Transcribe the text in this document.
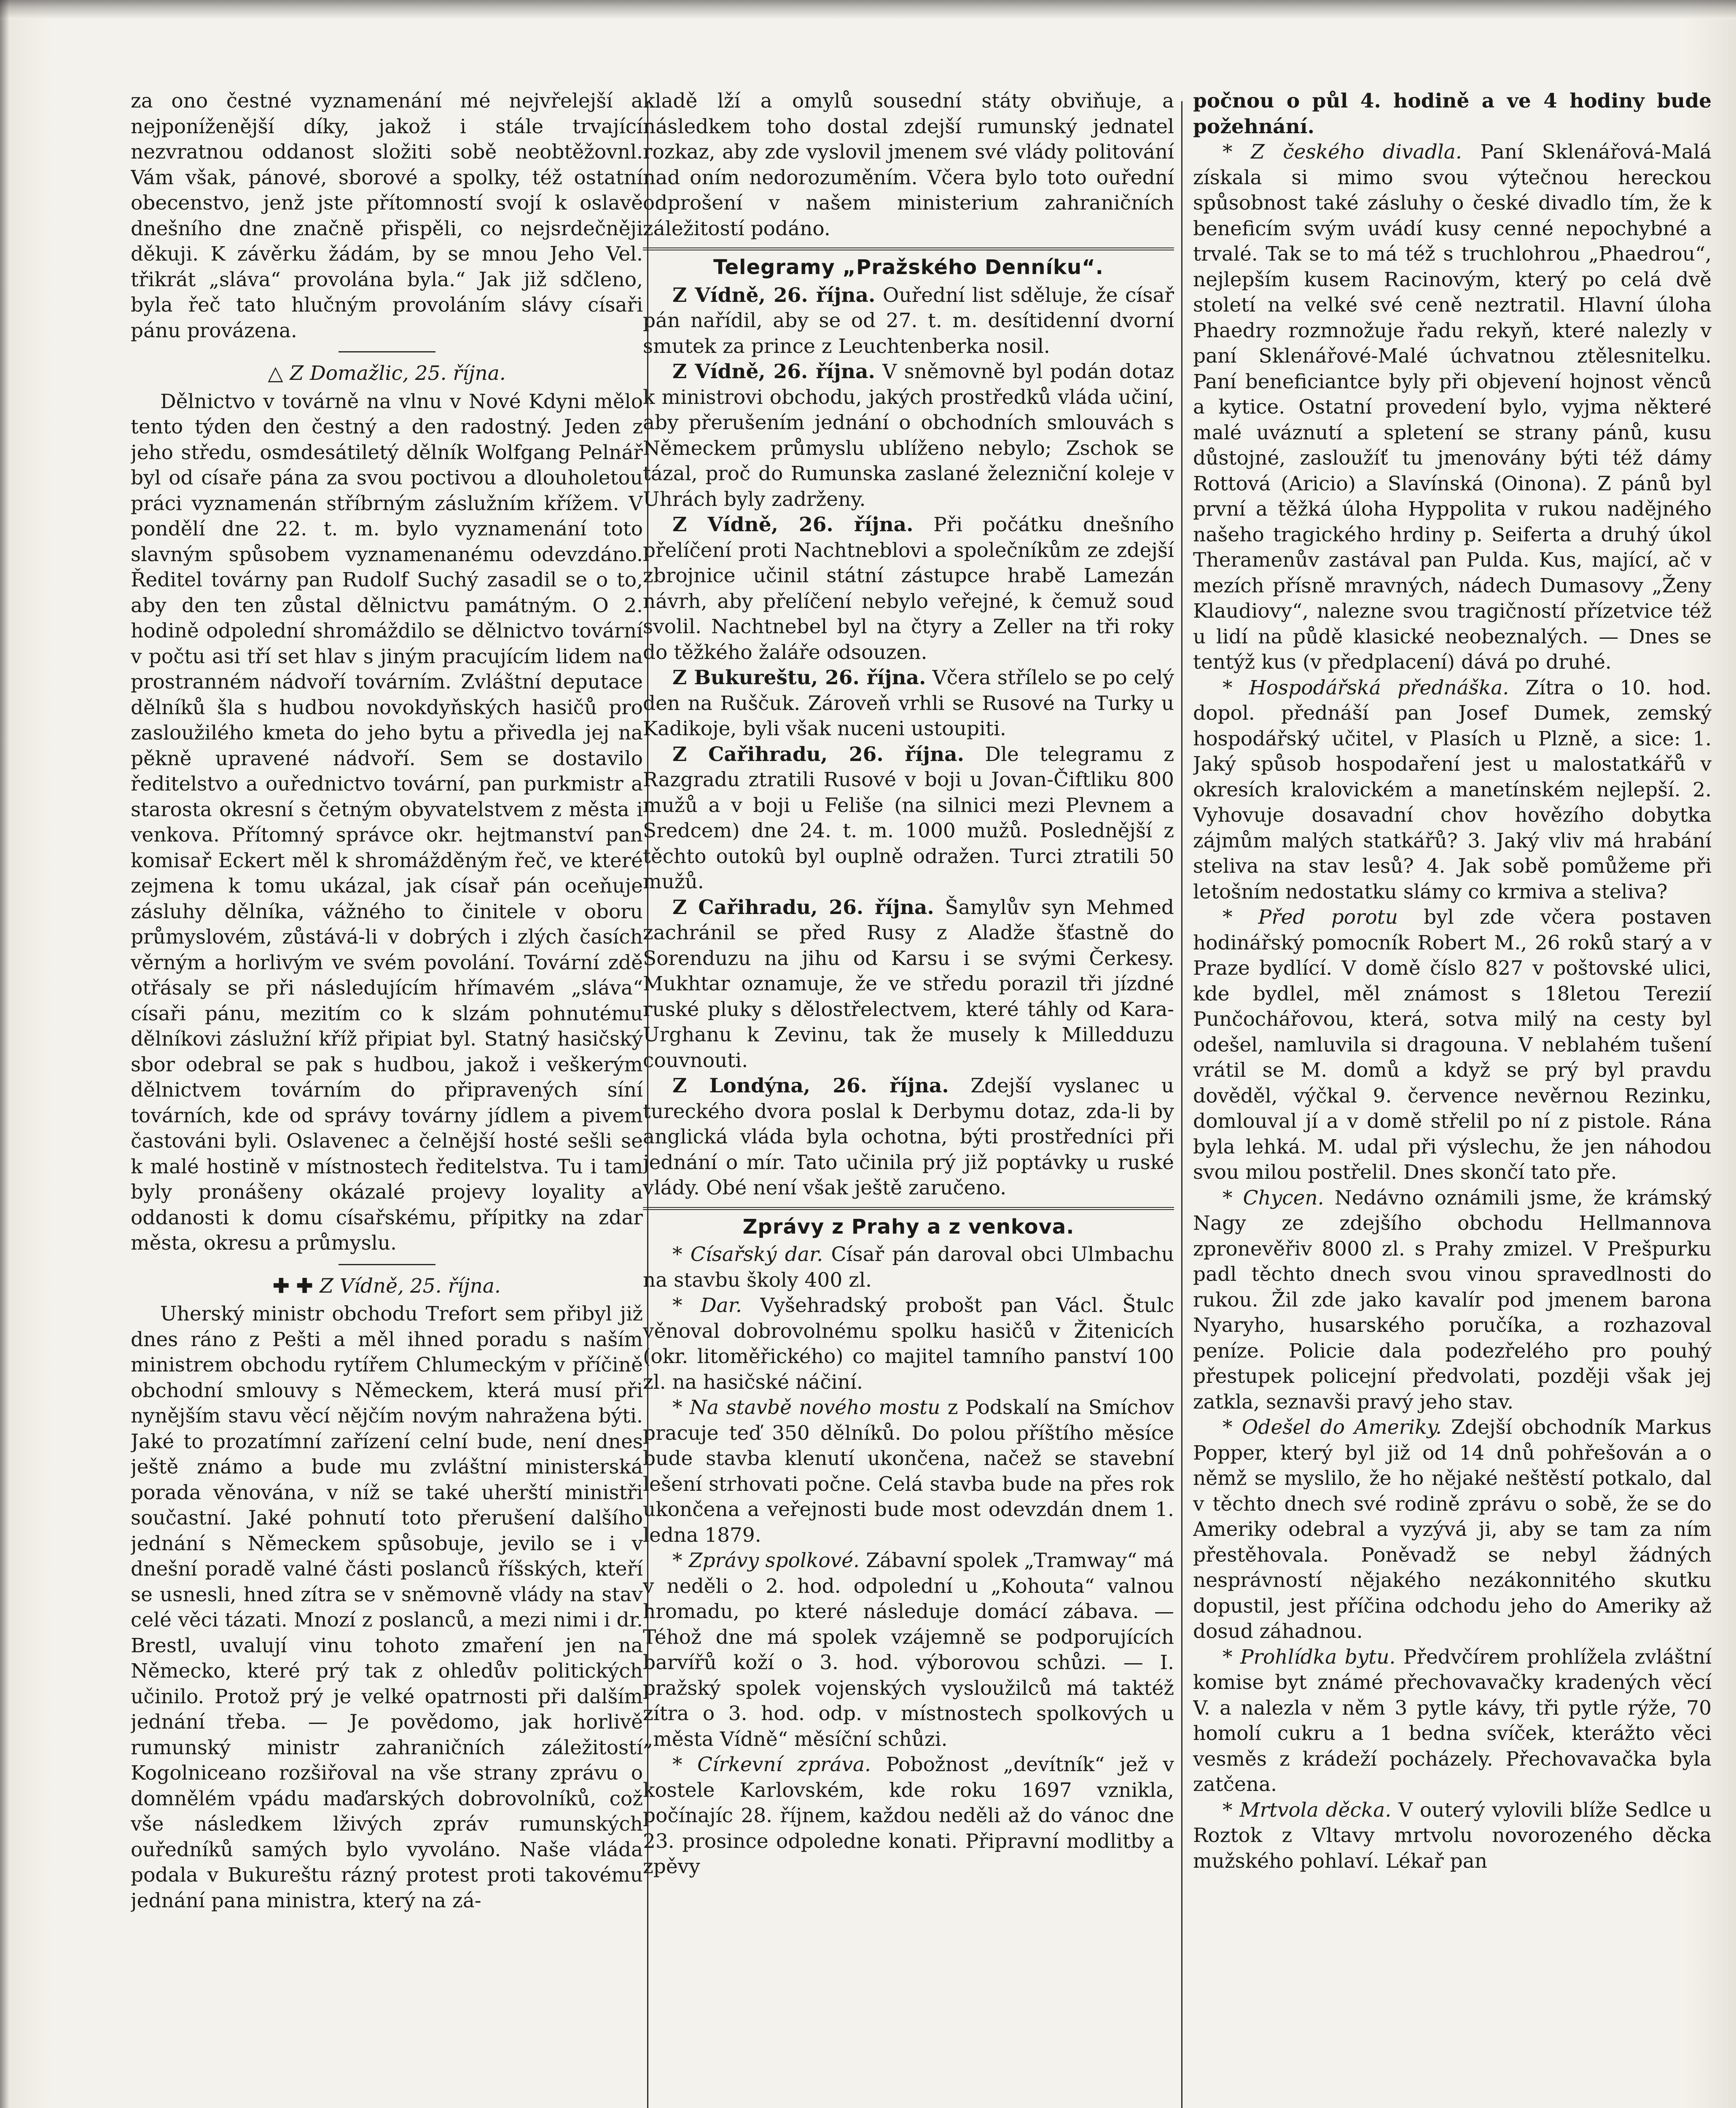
za ono čestné vyznamenání mé nejvřelejší a nejponíženější díky, jakož i stále trvající nezvratnou oddanost složiti sobě neobtěžovnl. Vám však, pánové, sborové a spolky, též ostatní obecenstvo, jenž jste přítomností svojí k oslavě dnešního dne značně přispěli, co nejsrdečněji děkuji. K závěrku žádám, by se mnou Jeho Vel. třikrát „sláva“ provolána byla.“ Jak již sdčleno, byla řeč tato hlučným provoláním slávy císaři pánu provázena.

△ Z Domažlic, 25. října.

Dělnictvo v továrně na vlnu v Nové Kdyni mělo tento týden den čestný a den radostný. Jeden z jeho středu, osmdesátiletý dělník Wolfgang Pelnář byl od císaře pána za svou poctivou a dlouholetou práci vyznamenán stříbrným záslužním křížem. V pondělí dne 22. t. m. bylo vyznamenání toto slavným spůsobem vyznamenanému odevzdáno. Ředitel továrny pan Rudolf Suchý zasadil se o to, aby den ten zůstal dělnictvu památným. O 2. hodině odpolední shromáždilo se dělnictvo tovární v počtu asi tří set hlav s jiným pracujícím lidem na prostranném nádvoří továrním. Zvláštní deputace dělníků šla s hudbou novokdyňských hasičů pro zasloužilého kmeta do jeho bytu a přivedla jej na pěkně upravené nádvoří. Sem se dostavilo ředitelstvo a ouřednictvo tovární, pan purkmistr a starosta okresní s četným obyvatelstvem z města i venkova. Přítomný správce okr. hejtmanství pan komisař Eckert měl k shromážděným řeč, ve které zejmena k tomu ukázal, jak císař pán oceňuje zásluhy dělníka, vážného to činitele v oboru průmyslovém, zůstává-li v dobrých i zlých časích věrným a horlivým ve svém povolání. Tovární zdě otřásaly se při následujícím hřímavém „sláva“ císaři pánu, mezitím co k slzám pohnutému dělníkovi záslužní kříž připiat byl. Statný hasičský sbor odebral se pak s hudbou, jakož i veškerým dělnictvem továrním do připravených síní továrních, kde od správy továrny jídlem a pivem častováni byli. Oslavenec a čelnější hosté sešli se k malé hostině v místnostech ředitelstva. Tu i tam byly pronášeny okázalé projevy loyality a oddanosti k domu císařskému, přípitky na zdar města, okresu a průmyslu.

✚ ✚ Z Vídně, 25. října.

Uherský ministr obchodu Trefort sem přibyl již dnes ráno z Pešti a měl ihned poradu s naším ministrem obchodu rytířem Chlumeckým v příčině obchodní smlouvy s Německem, která musí při nynějším stavu věcí nějčím novým nahražena býti. Jaké to prozatímní zařízení celní bude, není dnes ještě známo a bude mu zvláštní ministerská porada věnována, v níž se také uherští ministři součastní. Jaké pohnutí toto přerušení dalšího jednání s Německem spůsobuje, jevilo se i v dnešní poradě valné části poslanců říšských, kteří se usnesli, hned zítra se v sněmovně vlády na stav celé věci tázati. Mnozí z poslanců, a mezi nimi i dr. Brestl, uvalují vinu tohoto zmaření jen na Německo, které prý tak z ohledův politických učinilo. Protož prý je velké opatrnosti při dalším jednání třeba. — Je povědomo, jak horlivě rumunský ministr zahraničních záležitostí Kogolniceano rozšiřoval na vše strany zprávu o domnělém vpádu maďarských dobrovolníků, což vše následkem lživých zpráv rumunských ouředníků samých bylo vyvoláno. Naše vláda podala v Bukureštu rázný protest proti takovému jednání pana ministra, který na zá-

kladě lží a omylů sousední státy obviňuje, a následkem toho dostal zdejší rumunský jednatel rozkaz, aby zde vyslovil jmenem své vlády politování nad oním nedorozuměním. Včera bylo toto ouřední odprošení v našem ministerium zahraničních záležitostí podáno.

Telegramy „Pražského Denníku“.

Z Vídně, 26. října. Ouřední list sděluje, že císař pán nařídil, aby se od 27. t. m. desítidenní dvorní smutek za prince z Leuchtenberka nosil.

Z Vídně, 26. října. V sněmovně byl podán dotaz k ministrovi obchodu, jakých prostředků vláda učiní, aby přerušením jednání o obchodních smlouvách s Německem průmyslu ublíženo nebylo; Zschok se tázal, proč do Rumunska zaslané železniční koleje v Uhrách byly zadrženy.

Z Vídně, 26. října. Při počátku dnešního přelíčení proti Nachtneblovi a společníkům ze zdejší zbrojnice učinil státní zástupce hrabě Lamezán návrh, aby přelíčení nebylo veřejné, k čemuž soud svolil. Nachtnebel byl na čtyry a Zeller na tři roky do těžkého žaláře odsouzen.

Z Bukureštu, 26. října. Včera střílelo se po celý den na Ruščuk. Zároveň vrhli se Rusové na Turky u Kadikoje, byli však nuceni ustoupiti.

Z Cařihradu, 26. října. Dle telegramu z Razgradu ztratili Rusové v boji u Jovan-Čiftliku 800 mužů a v boji u Feliše (na silnici mezi Plevnem a Sredcem) dne 24. t. m. 1000 mužů. Poslednější z těchto outokû byl ouplně odražen. Turci ztratili 50 mužů.

Z Cařihradu, 26. října. Šamylův syn Mehmed zachránil se před Rusy z Aladže šťastně do Sorenduzu na jihu od Karsu i se svými Čerkesy. Mukhtar oznamuje, že ve středu porazil tři jízdné ruské pluky s dělostřelectvem, které táhly od Kara-Urghanu k Zevinu, tak že musely k Milledduzu couvnouti.

Z Londýna, 26. října. Zdejší vyslanec u tureckého dvora poslal k Derbymu dotaz, zda-li by anglická vláda byla ochotna, býti prostředníci při jednání o mír. Tato učinila prý již poptávky u ruské vlády. Obé není však ještě zaručeno.

Zprávy z Prahy a z venkova.

* Císařský dar. Císař pán daroval obci Ulmbachu na stavbu školy 400 zl.

* Dar. Vyšehradský probošt pan Václ. Štulc věnoval dobrovolnému spolku hasičů v Žitenicích (okr. litoměřického) co majitel tamního panství 100 zl. na hasičské náčiní.

* Na stavbě nového mostu z Podskalí na Smíchov pracuje teď 350 dělníků. Do polou příštího měsíce bude stavba klenutí ukončena, načež se stavební lešení strhovati počne. Celá stavba bude na přes rok ukončena a veřejnosti bude most odevzdán dnem 1. ledna 1879.

* Zprávy spolkové. Zábavní spolek „Tramway“ má v neděli o 2. hod. odpolední u „Kohouta“ valnou hromadu, po které následuje domácí zábava. — Téhož dne má spolek vzájemně se podporujících barvířů koží o 3. hod. výborovou schůzi. — I. pražský spolek vojenských vysloužilců má taktéž zítra o 3. hod. odp. v místnostech spolkových u „města Vídně“ měsíční schůzi.

* Církevní zpráva. Pobožnost „devítník“ jež v kostele Karlovském, kde roku 1697 vznikla, počínajíc 28. říjnem, každou neděli až do vánoc dne 23. prosince odpoledne konati. Připravní modlitby a zpěvy

počnou o půl 4. hodině a ve 4 hodiny bude požehnání.

* Z českého divadla. Paní Sklenářová-Malá získala si mimo svou výtečnou hereckou spůsobnost také zásluhy o české divadlo tím, že k beneficím svým uvádí kusy cenné nepochybné a trvalé. Tak se to má též s truchlohrou „Phaedrou“, nejlepším kusem Racinovým, který po celá dvě století na velké své ceně neztratil. Hlavní úloha Phaedry rozmnožuje řadu rekyň, které nalezly v paní Sklenářové-Malé úchvatnou ztělesnitelku. Paní beneficiantce byly při objevení hojnost věnců a kytice. Ostatní provedení bylo, vyjma některé malé uváznutí a spletení se strany pánů, kusu důstojné, zasloužíť tu jmenovány býti též dámy Rottová (Aricio) a Slavínská (Oinona). Z pánů byl první a těžká úloha Hyppolita v rukou nadějného našeho tragického hrdiny p. Seiferta a druhý úkol Theramenův zastával pan Pulda. Kus, mající, ač v mezích přísně mravných, nádech Dumasovy „Ženy Klaudiovy“, nalezne svou tragičností přízetvice též u lidí na půdě klasické neobeznalých. — Dnes se tentýž kus (v předplacení) dává po druhé.

* Hospodářská přednáška. Zítra o 10. hod. dopol. přednáší pan Josef Dumek, zemský hospodářský učitel, v Plasích u Plzně, a sice: 1. Jaký spůsob hospodaření jest u malostatkářů v okresích kralovickém a manetínském nejlepší. 2. Vyhovuje dosavadní chov hovězího dobytka zájmům malých statkářů? 3. Jaký vliv má hrabání steliva na stav lesů? 4. Jak sobě pomůžeme při letošním nedostatku slámy co krmiva a steliva?

* Před porotu byl zde včera postaven hodinářský pomocník Robert M., 26 roků starý a v Praze bydlící. V domě číslo 827 v poštovské ulici, kde bydlel, měl známost s 18letou Terezií Punčochářovou, která, sotva milý na cesty byl odešel, namluvila si dragouna. V neblahém tušení vrátil se M. domů a když se prý byl pravdu dověděl, výčkal 9. července nevěrnou Rezinku, domlouval jí a v domě střelil po ní z pistole. Rána byla lehká. M. udal při výslechu, že jen náhodou svou milou postřelil. Dnes skončí tato pře.

* Chycen. Nedávno oznámili jsme, že krámský Nagy ze zdejšího obchodu Hellmannova zpronevěřiv 8000 zl. s Prahy zmizel. V Prešpurku padl těchto dnech svou vinou spravedlnosti do rukou. Žil zde jako kavalír pod jmenem barona Nyaryho, husarského poručíka, a rozhazoval peníze. Policie dala podezřelého pro pouhý přestupek policejní předvolati, později však jej zatkla, seznavši pravý jeho stav.

* Odešel do Ameriky. Zdejší obchodník Markus Popper, který byl již od 14 dnů pohřešován a o němž se myslilo, že ho nějaké neštěstí potkalo, dal v těchto dnech své rodině zprávu o sobě, že se do Ameriky odebral a vyzývá ji, aby se tam za ním přestěhovala. Poněvadž se nebyl žádných nesprávností nějakého nezákonnitého skutku dopustil, jest příčina odchodu jeho do Ameriky až dosud záhadnou.

* Prohlídka bytu. Předvčírem prohlížela zvláštní komise byt známé přechovavačky kradených věcí V. a nalezla v něm 3 pytle kávy, tři pytle rýže, 70 homolí cukru a 1 bedna svíček, kterážto věci vesměs z krádeží pocházely. Přechovavačka byla zatčena.

* Mrtvola děcka. V outerý vylovili blíže Sedlce u Roztok z Vltavy mrtvolu novorozeného děcka mužského pohlaví. Lékař pan
